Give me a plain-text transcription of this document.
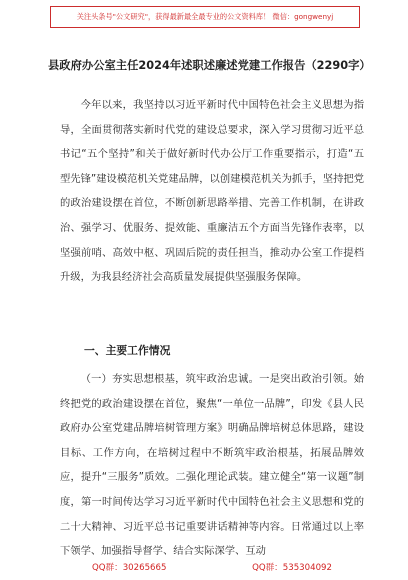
关注头条号"公文研究"，获得最新最全最专业的公文资料库！ 微信：gongwenyj
县政府办公室主任2024年述职述廉述党建工作报告（2290字）
今年以来，我坚持以习近平新时代中国特色社会主义思想为指导，全面贯彻落实新时代党的建设总要求，深入学习贯彻习近平总书记“五个坚持”和关于做好新时代办公厅工作重要指示，打造“五型先锋”建设模范机关党建品牌，以创建模范机关为抓手，坚持把党的政治建设摆在首位，不断创新思路举措、完善工作机制，在讲政治、强学习、优服务、提效能、重廉洁五个方面当先锋作表率，以坚强前哨、高效中枢、巩固后院的责任担当，推动办公室工作提档升级，为我县经济社会高质量发展提供坚强服务保障。
一、主要工作情况
（一）夯实思想根基，筑牢政治忠诚。一是突出政治引领。始终把党的政治建设摆在首位，聚焦“一单位一品牌”，印发《县人民政府办公室党建品牌培树管理方案》明确品牌培树总体思路，建设目标、工作方向，在培树过程中不断筑牢政治根基，拓展品牌效应，提升“三服务”质效。二强化理论武装。建立健全“第一议题”制度，第一时间传达学习习近平新时代中国特色社会主义思想和党的二十大精神、习近平总书记重要讲话精神等内容。日常通过以上率下领学、加强指导督学、结合实际深学、互动
QQ群：30265665	QQ群：535304092
